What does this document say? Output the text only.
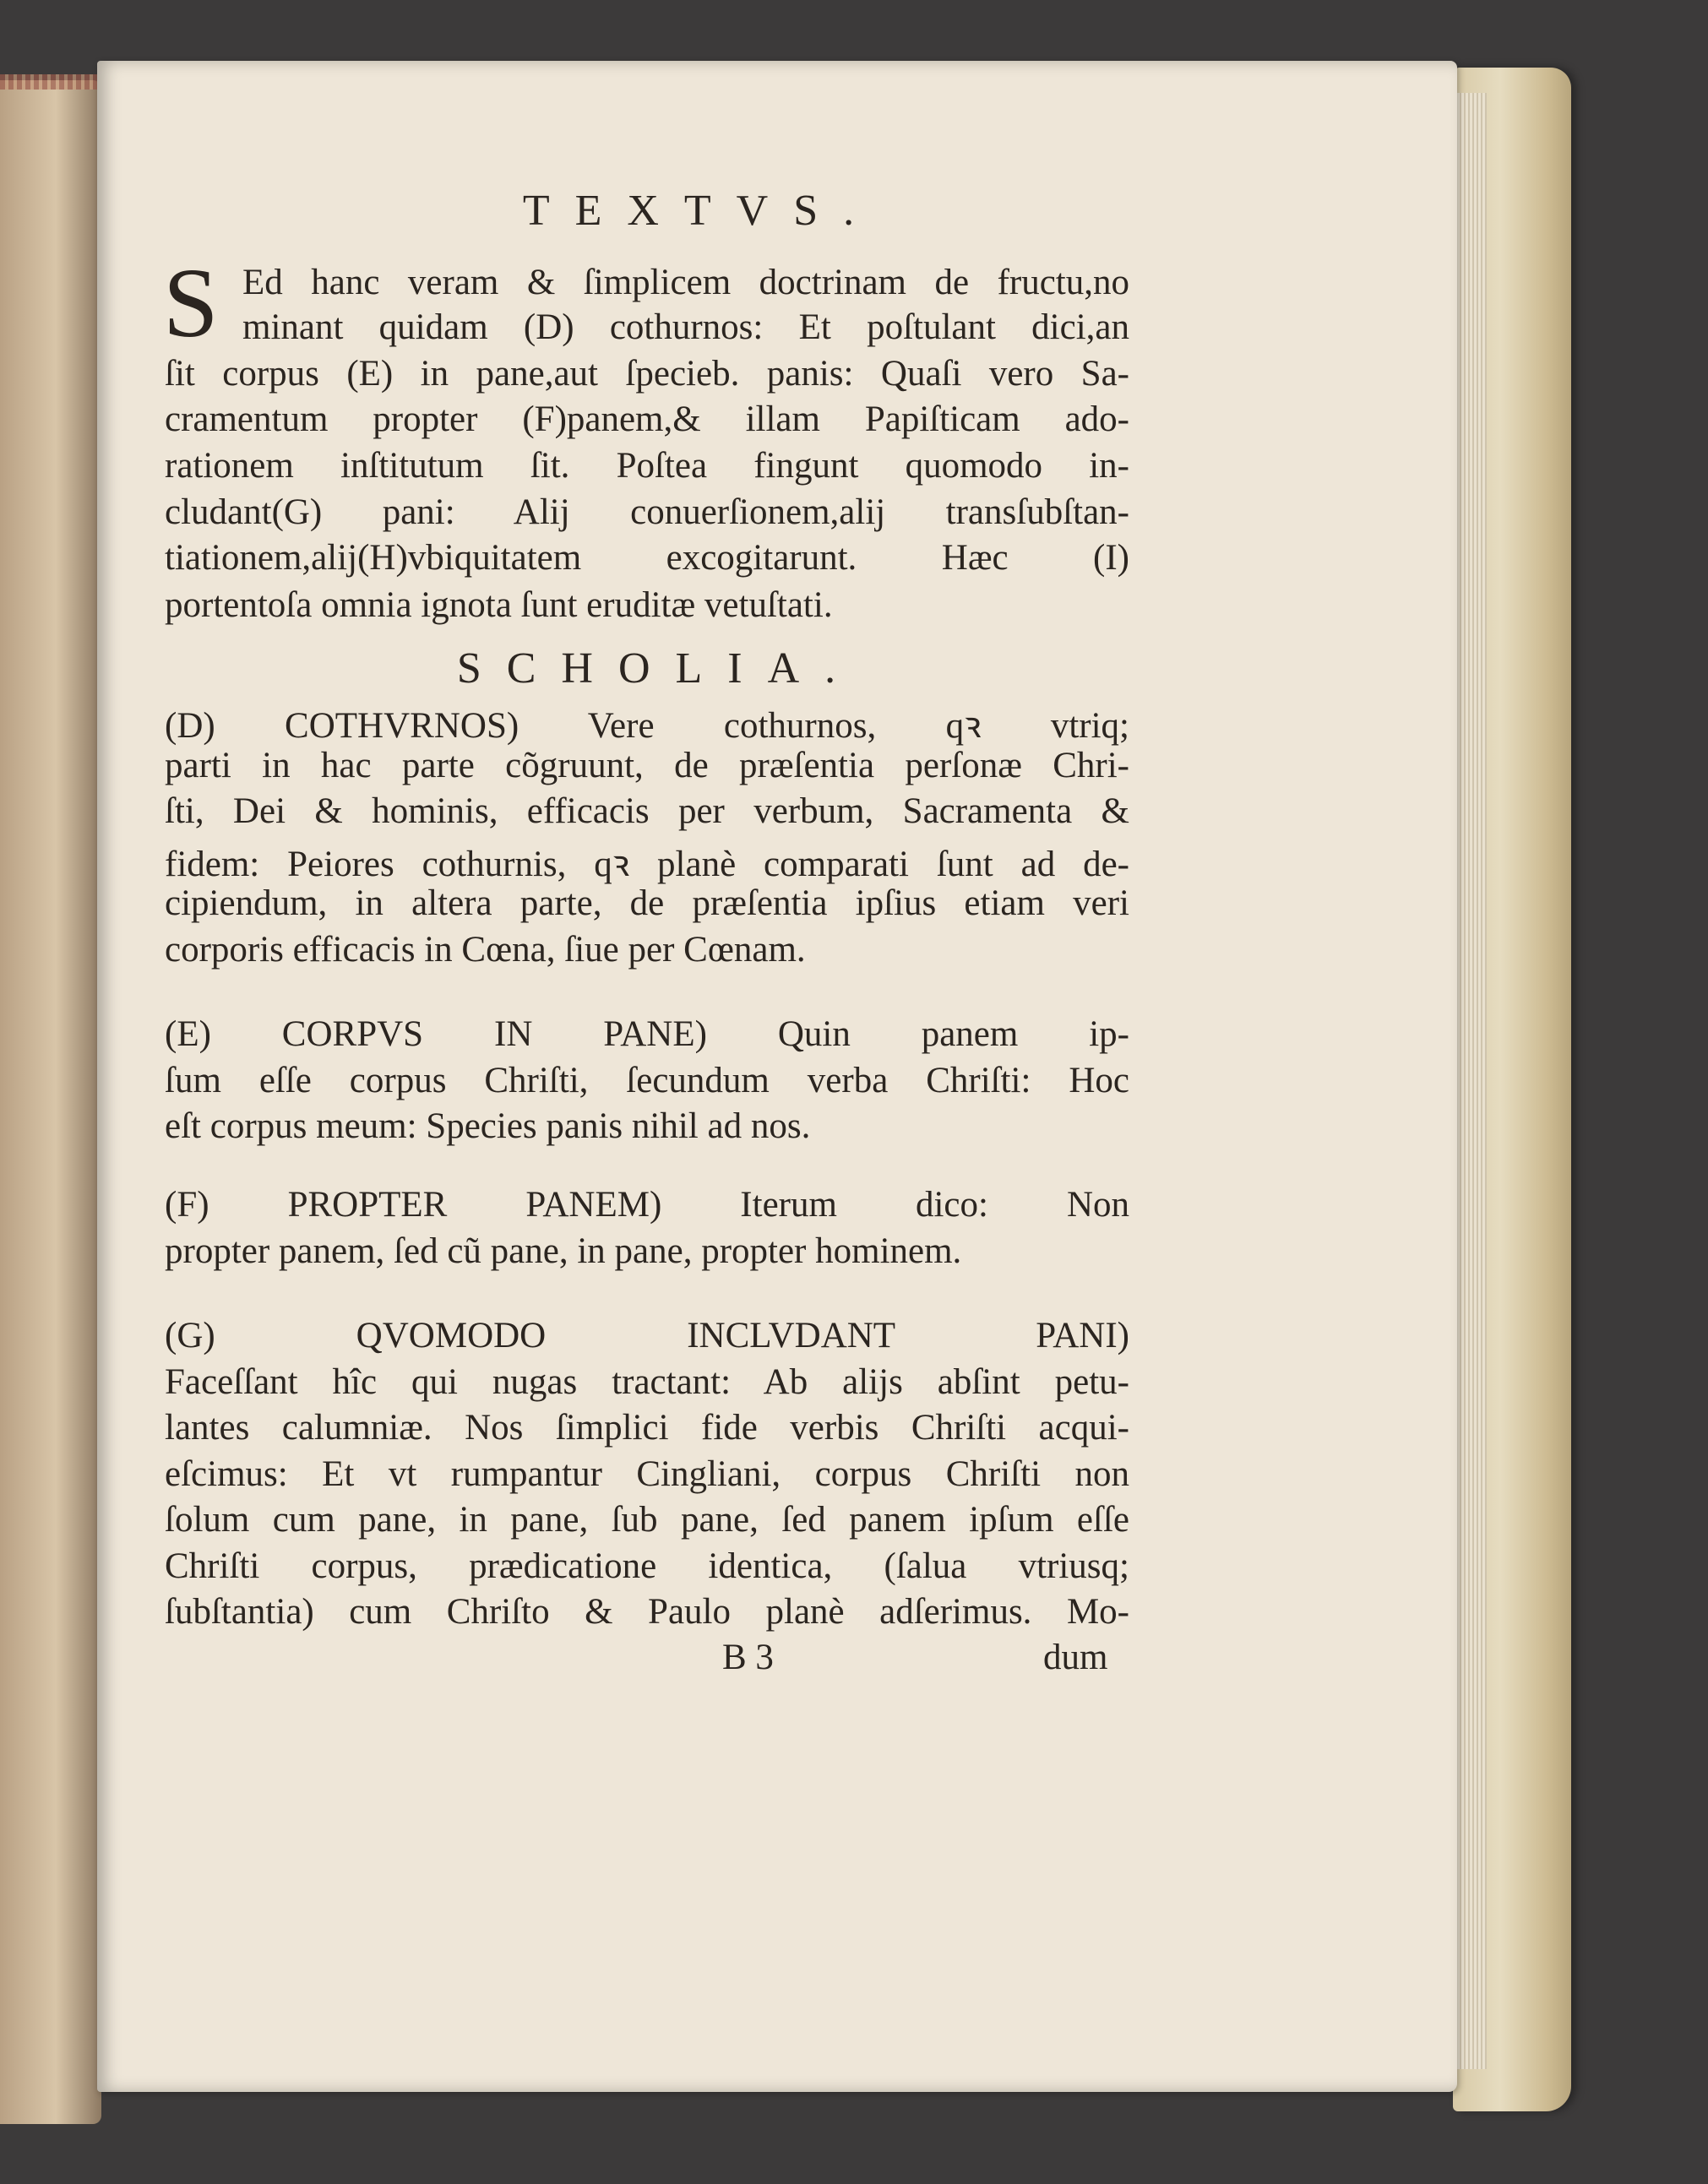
TEXTVS.
S Ed hanc veram & ſimplicem doctrinam de fructu,no
minant quidam (D) cothurnos: Et poſtulant dici,an
ſit corpus (E) in pane,aut ſpecieb. panis: Quaſi vero Sa-
cramentum propter (F)panem,& illam Papiſticam ado-
rationem inſtitutum ſit. Poſtea fingunt quomodo in-
cludant(G) pani: Alij conuerſionem,alij transſubſtan-
tiationem,alij(H)vbiquitatem excogitarunt. Hæc (I)
portentoſa omnia ignota ſunt eruditæ vetuſtati.
SCHOLIA.
(D) COTHVRNOS) Vere cothurnos, qꝛ vtriq;
parti in hac parte cõgruunt, de præſentia perſonæ Chri-
ſti, Dei & hominis, efficacis per verbum, Sacramenta &
fidem: Peiores cothurnis, qꝛ planè comparati ſunt ad de-
cipiendum, in altera parte, de præſentia ipſius etiam veri
corporis efficacis in Cœna, ſiue per Cœnam.
(E) CORPVS IN PANE) Quin panem ip-
ſum eſſe corpus Chriſti, ſecundum verba Chriſti: Hoc
eſt corpus meum: Species panis nihil ad nos.
(F) PROPTER PANEM) Iterum dico: Non
propter panem, ſed cũ pane, in pane, propter hominem.
(G) QVOMODO INCLVDANT PANI)
Faceſſant hîc qui nugas tractant: Ab alijs abſint petu-
lantes calumniæ. Nos ſimplici fide verbis Chriſti acqui-
eſcimus: Et vt rumpantur Cingliani, corpus Chriſti non
ſolum cum pane, in pane, ſub pane, ſed panem ipſum eſſe
Chriſti corpus, prædicatione identica, (ſalua vtriusq;
ſubſtantia) cum Chriſto & Paulo planè adſerimus. Mo-
B 3	dum
